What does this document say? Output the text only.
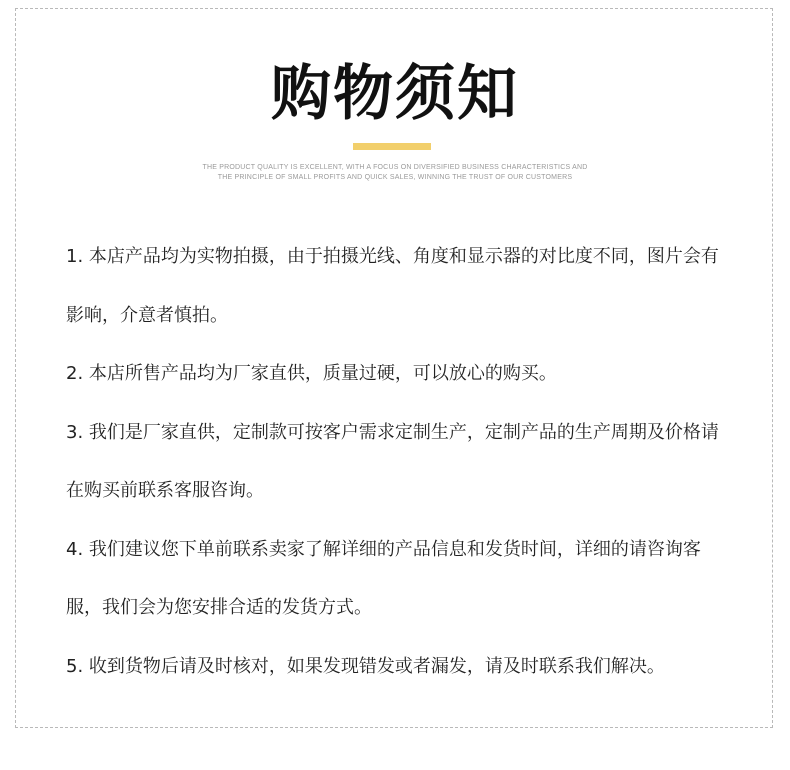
购物须知
THE PRODUCT QUALITY IS EXCELLENT, WITH A FOCUS ON DIVERSIFIED BUSINESS CHARACTERISTICS AND
THE PRINCIPLE OF SMALL PROFITS AND QUICK SALES, WINNING THE TRUST OF OUR CUSTOMERS

1. 本店产品均为实物拍摄，由于拍摄光线、角度和显示器的对比度不同，图片会有影响，介意者慎拍。

2. 本店所售产品均为厂家直供，质量过硬，可以放心的购买。

3. 我们是厂家直供，定制款可按客户需求定制生产，定制产品的生产周期及价格请在购买前联系客服咨询。

4. 我们建议您下单前联系卖家了解详细的产品信息和发货时间，详细的请咨询客服，我们会为您安排合适的发货方式。

5. 收到货物后请及时核对，如果发现错发或者漏发，请及时联系我们解决。
